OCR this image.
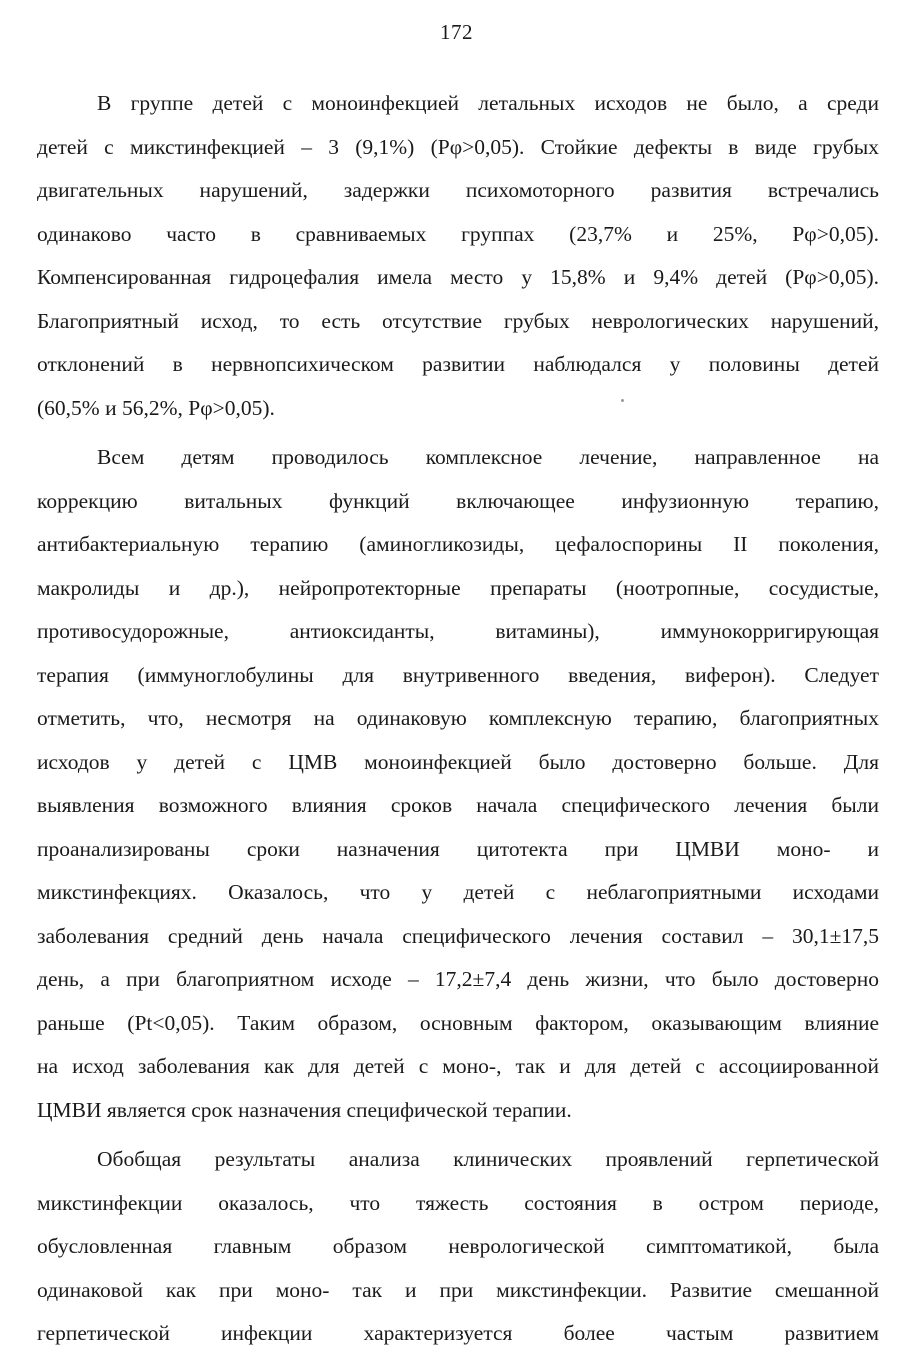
172
В группе детей с моноинфекцией летальных исходов не было, а среди
детей с микстинфекцией – 3 (9,1%) (Рφ>0,05). Стойкие дефекты в виде грубых
двигательных нарушений, задержки психомоторного развития встречались
одинаково часто в сравниваемых группах (23,7% и 25%, Рφ>0,05).
Компенсированная гидроцефалия имела место у 15,8% и 9,4% детей (Рφ>0,05).
Благоприятный исход, то есть отсутствие грубых неврологических нарушений,
отклонений в нервнопсихическом развитии наблюдался у половины детей
(60,5% и 56,2%, Рφ>0,05).
Всем детям проводилось комплексное лечение, направленное на
коррекцию витальных функций включающее инфузионную терапию,
антибактериальную терапию (аминогликозиды, цефалоспорины II поколения,
макролиды и др.), нейропротекторные препараты (ноотропные, сосудистые,
противосудорожные, антиоксиданты, витамины), иммунокорригирующая
терапия (иммуноглобулины для внутривенного введения, виферон). Следует
отметить, что, несмотря на одинаковую комплексную терапию, благоприятных
исходов у детей с ЦМВ моноинфекцией было достоверно больше. Для
выявления возможного влияния сроков начала специфического лечения были
проанализированы сроки назначения цитотекта при ЦМВИ моно- и
микстинфекциях. Оказалось, что у детей с неблагоприятными исходами
заболевания средний день начала специфического лечения составил – 30,1±17,5
день, а при благоприятном исходе – 17,2±7,4 день жизни, что было достоверно
раньше (Pt<0,05). Таким образом, основным фактором, оказывающим влияние
на исход заболевания как для детей с моно-, так и для детей с ассоциированной
ЦМВИ является срок назначения специфической терапии.
Обобщая результаты анализа клинических проявлений герпетической
микстинфекции оказалось, что тяжесть состояния в остром периоде,
обусловленная главным образом неврологической симптоматикой, была
одинаковой как при моно- так и при микстинфекции. Развитие смешанной
герпетической инфекции характеризуется более частым развитием
